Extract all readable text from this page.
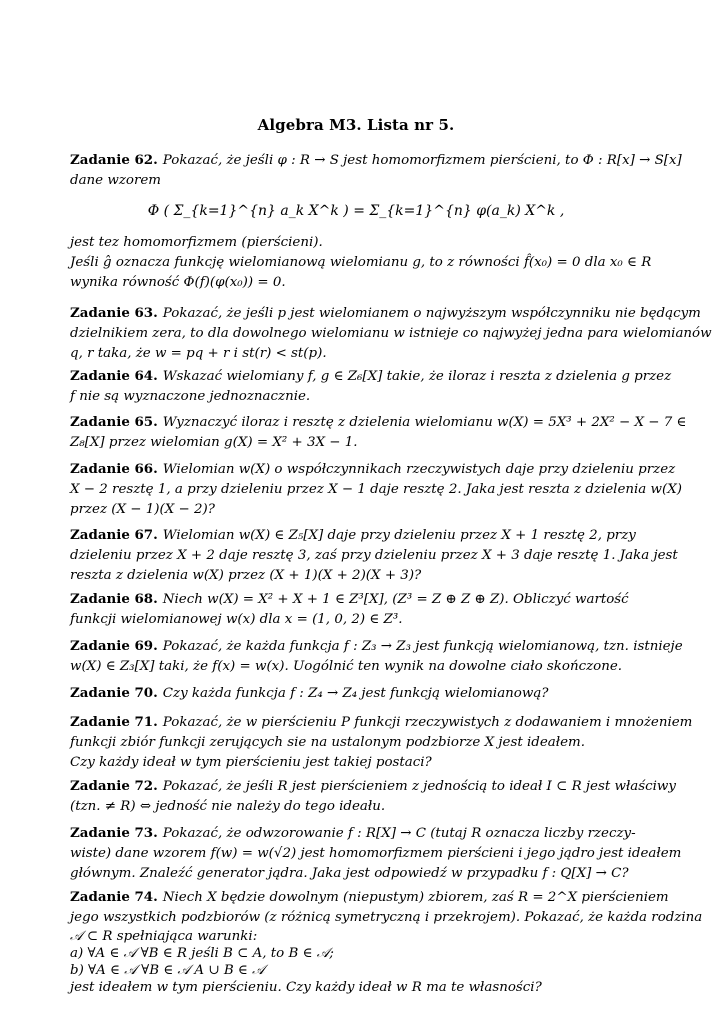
Algebra M3. Lista nr 5.
Zadanie 62. Pokazać, że jeśli φ : R → S jest homomorfizmem pierścieni, to Φ : R[x] → S[x]
dane wzorem
Φ ( Σ_{k=1}^{n} a_k X^k ) = Σ_{k=1}^{n} φ(a_k) X^k ,
jest tez homomorfizmem (pierścieni).
Jeśli ĝ oznacza funkcję wielomianową wielomianu g, to z równości f̂(x₀) = 0 dla x₀ ∈ R
wynika równość Φ(f)(φ(x₀)) = 0.
Zadanie 63. Pokazać, że jeśli p jest wielomianem o najwyższym współczynniku nie będącym
dzielnikiem zera, to dla dowolnego wielomianu w istnieje co najwyżej jedna para wielomianów
q, r taka, że w = pq + r i st(r) < st(p).
Zadanie 64. Wskazać wielomiany f, g ∈ Z₆[X] takie, że iloraz i reszta z dzielenia g przez
f nie są wyznaczone jednoznacznie.
Zadanie 65. Wyznaczyć iloraz i resztę z dzielenia wielomianu w(X) = 5X³ + 2X² − X − 7 ∈
Z₈[X] przez wielomian g(X) = X² + 3X − 1.
Zadanie 66. Wielomian w(X) o współczynnikach rzeczywistych daje przy dzieleniu przez
X − 2 resztę 1, a przy dzieleniu przez X − 1 daje resztę 2. Jaka jest reszta z dzielenia w(X)
przez (X − 1)(X − 2)?
Zadanie 67. Wielomian w(X) ∈ Z₅[X] daje przy dzieleniu przez X + 1 resztę 2, przy
dzieleniu przez X + 2 daje resztę 3, zaś przy dzieleniu przez X + 3 daje resztę 1. Jaka jest
reszta z dzielenia w(X) przez (X + 1)(X + 2)(X + 3)?
Zadanie 68. Niech w(X) = X² + X + 1 ∈ Z³[X], (Z³ = Z ⊕ Z ⊕ Z). Obliczyć wartość
funkcji wielomianowej w(x) dla x = (1, 0, 2) ∈ Z³.
Zadanie 69. Pokazać, że każda funkcja f : Z₃ → Z₃ jest funkcją wielomianową, tzn. istnieje
w(X) ∈ Z₃[X] taki, że f(x) = w(x). Uogólnić ten wynik na dowolne ciało skończone.
Zadanie 70. Czy każda funkcja f : Z₄ → Z₄ jest funkcją wielomianową?
Zadanie 71. Pokazać, że w pierścieniu P funkcji rzeczywistych z dodawaniem i mnożeniem
funkcji zbiór funkcji zerujących sie na ustalonym podzbiorze X jest ideałem.
Czy każdy ideał w tym pierścieniu jest takiej postaci?
Zadanie 72. Pokazać, że jeśli R jest pierścieniem z jednością to ideał I ⊂ R jest właściwy
(tzn. ≠ R) ⇔ jedność nie należy do tego ideału.
Zadanie 73. Pokazać, że odwzorowanie f : R[X] → C (tutaj R oznacza liczby rzeczy-
wiste) dane wzorem f(w) = w(√2) jest homomorfizmem pierścieni i jego jądro jest ideałem
głównym. Znaleźć generator jądra. Jaka jest odpowiedź w przypadku f : Q[X] → C?
Zadanie 74. Niech X będzie dowolnym (niepustym) zbiorem, zaś R = 2^X pierścieniem
jego wszystkich podzbiorów (z różnicą symetryczną i przekrojem). Pokazać, że każda rodzina
𝒜 ⊂ R spełniająca warunki:
a) ∀A ∈ 𝒜 ∀B ∈ R jeśli B ⊂ A, to B ∈ 𝒜;
b) ∀A ∈ 𝒜 ∀B ∈ 𝒜 A ∪ B ∈ 𝒜
jest ideałem w tym pierścieniu. Czy każdy ideał w R ma te własności?
